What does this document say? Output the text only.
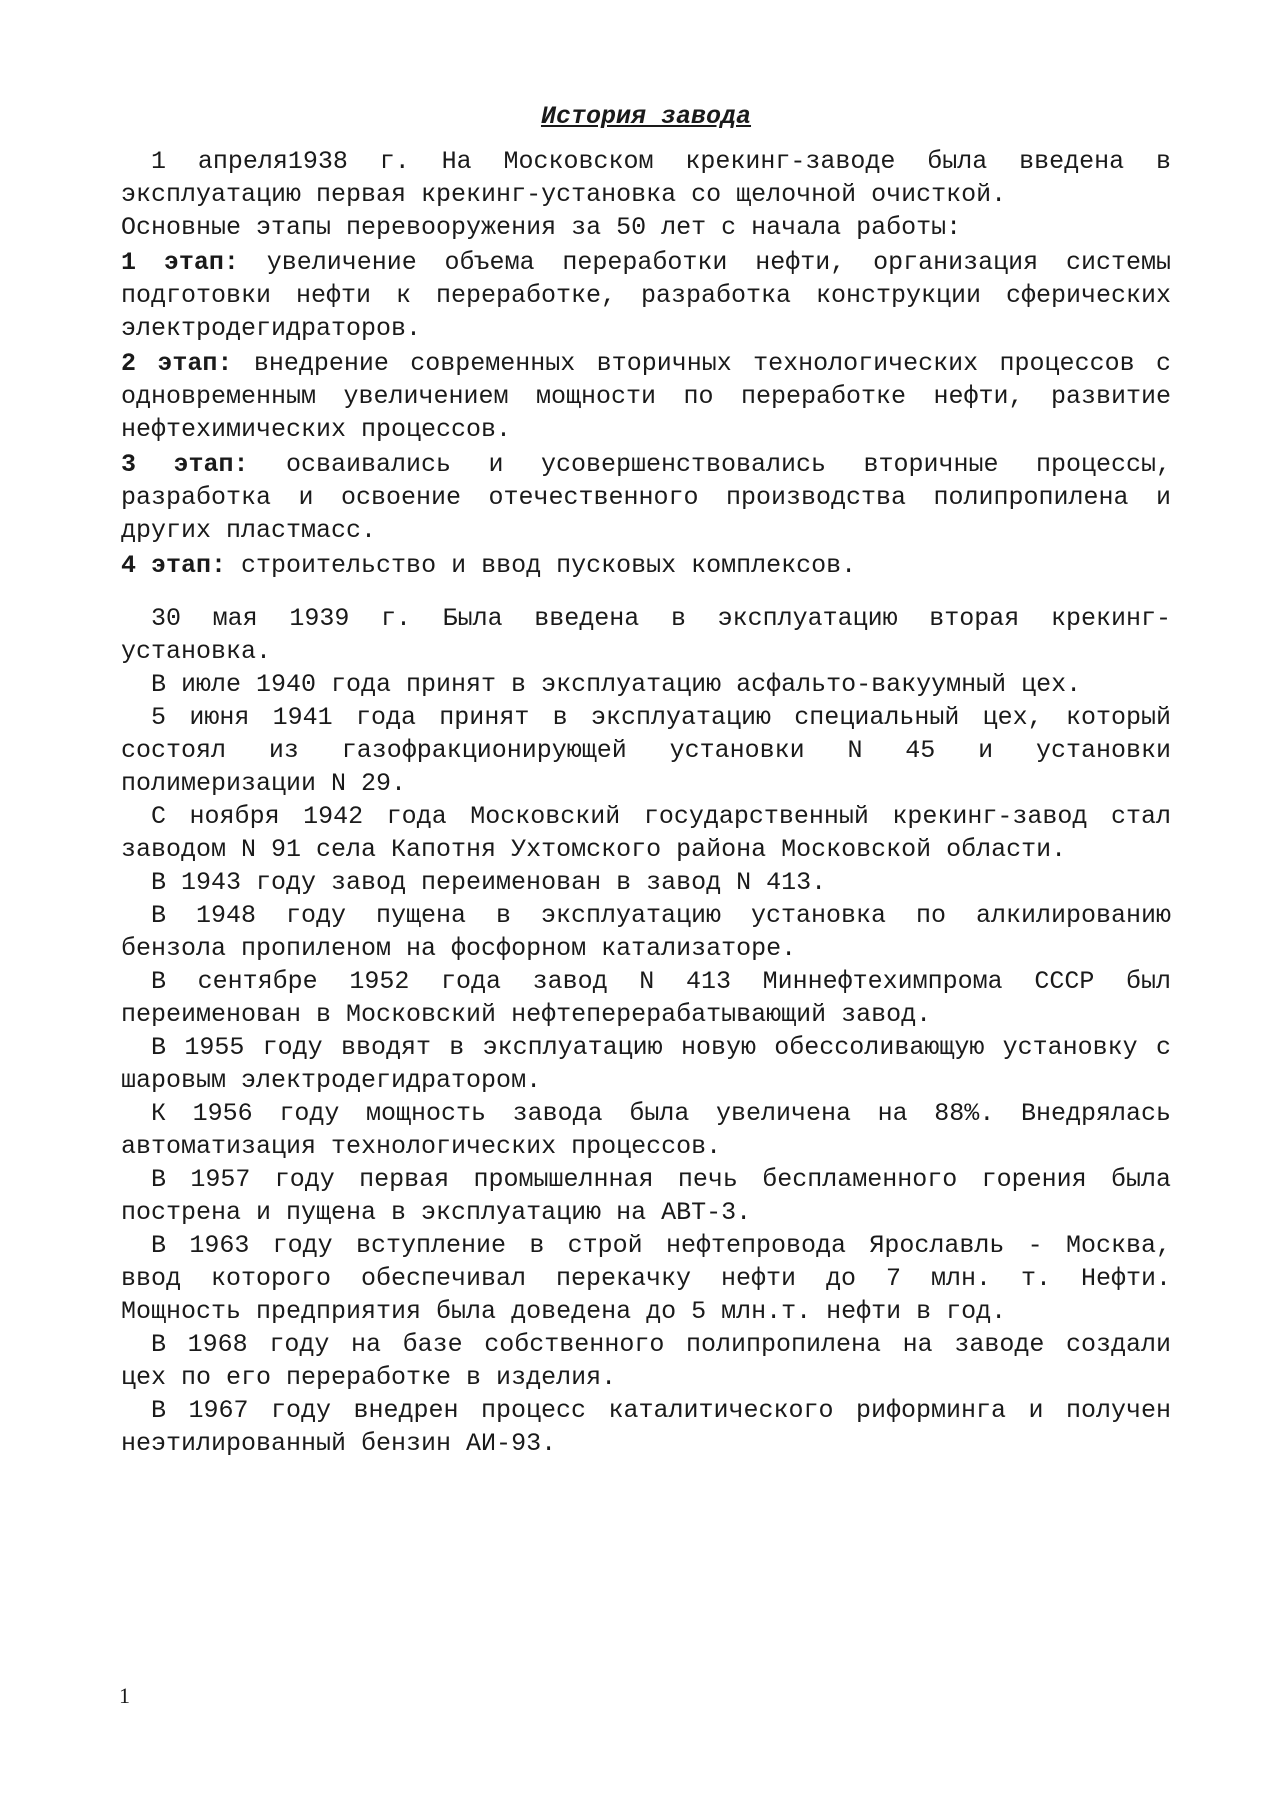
История завода

1 апреля1938 г. На Московском крекинг-заводе была введена в эксплуатацию первая крекинг-установка со щелочной очисткой.

Основные этапы перевооружения за 50 лет с начала работы:

1 этап: увеличение объема переработки нефти, организация системы подготовки нефти к переработке, разработка конструкции сферических электродегидраторов.

2 этап: внедрение современных вторичных технологических процессов с одновременным увеличением мощности по переработке нефти, развитие нефтехимических процессов.

3 этап: осваивались и усовершенствовались вторичные процессы, разработка и освоение отечественного производства полипропилена и других пластмасс.

4 этап: строительство и ввод пусковых комплексов.

30 мая 1939 г. Была введена в эксплуатацию вторая крекинг-установка.

В июле 1940 года принят в эксплуатацию асфальто-вакуумный цех.

5 июня 1941 года принят в эксплуатацию специальный цех, который состоял из газофракционирующей установки N 45 и установки полимеризации N 29.

С ноября 1942 года Московский государственный крекинг-завод стал заводом N 91 села Капотня Ухтомского района Московской области.

В 1943 году завод переименован в завод N 413.

В 1948 году пущена в эксплуатацию установка по алкилированию бензола пропиленом на фосфорном катализаторе.

В сентябре 1952 года завод N 413 Миннефтехимпрома СССР был переименован в Московский нефтеперерабатывающий завод.

В 1955 году вводят в эксплуатацию новую обессоливающую установку с шаровым электродегидратором.

К 1956 году мощность завода была увеличена на 88%. Внедрялась автоматизация технологических процессов.

В 1957 году первая промышелнная печь беспламенного горения была пострена и пущена в эксплуатацию на АВТ-3.

В 1963 году вступление в строй нефтепровода Ярославль - Москва, ввод которого обеспечивал перекачку нефти до 7 млн. т. Нефти. Мощность предприятия была доведена до 5 млн.т. нефти в год.

В 1968 году на базе собственного полипропилена на заводе создали цех по его переработке в изделия.

В 1967 году внедрен процесс каталитического риформинга и получен неэтилированный бензин АИ-93.

1
